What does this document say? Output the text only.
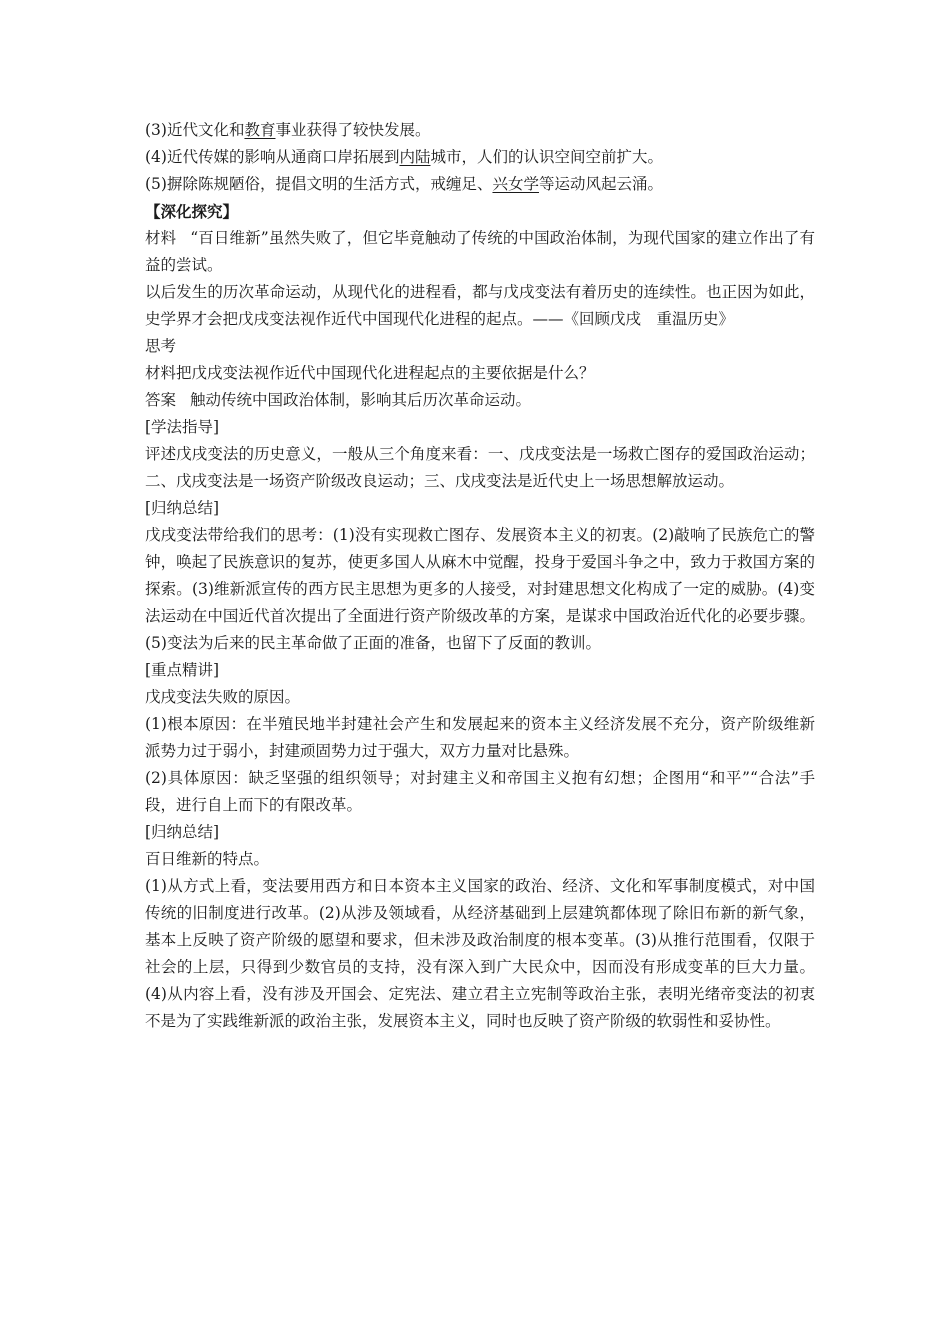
(3)近代文化和教育事业获得了较快发展。

(4)近代传媒的影响从通商口岸拓展到内陆城市，人们的认识空间空前扩大。

(5)摒除陈规陋俗，提倡文明的生活方式，戒缠足、兴女学等运动风起云涌。

【深化探究】

材料 “百日维新”虽然失败了，但它毕竟触动了传统的中国政治体制，为现代国家的建立作出了有益的尝试。

以后发生的历次革命运动，从现代化的进程看，都与戊戌变法有着历史的连续性。也正因为如此，史学界才会把戊戌变法视作近代中国现代化进程的起点。——《回顾戊戌　重温历史》

思考

材料把戊戌变法视作近代中国现代化进程起点的主要依据是什么？

答案 触动传统中国政治体制，影响其后历次革命运动。

[学法指导]

评述戊戌变法的历史意义，一般从三个角度来看：一、戊戌变法是一场救亡图存的爱国政治运动；二、戊戌变法是一场资产阶级改良运动；三、戊戌变法是近代史上一场思想解放运动。

[归纳总结]

戊戌变法带给我们的思考：(1)没有实现救亡图存、发展资本主义的初衷。(2)敲响了民族危亡的警钟，唤起了民族意识的复苏，使更多国人从麻木中觉醒，投身于爱国斗争之中，致力于救国方案的探索。(3)维新派宣传的西方民主思想为更多的人接受，对封建思想文化构成了一定的威胁。(4)变法运动在中国近代首次提出了全面进行资产阶级改革的方案，是谋求中国政治近代化的必要步骤。(5)变法为后来的民主革命做了正面的准备，也留下了反面的教训。

[重点精讲]

戊戌变法失败的原因。

(1)根本原因：在半殖民地半封建社会产生和发展起来的资本主义经济发展不充分，资产阶级维新派势力过于弱小，封建顽固势力过于强大，双方力量对比悬殊。

(2)具体原因：缺乏坚强的组织领导；对封建主义和帝国主义抱有幻想；企图用“和平”“合法”手段，进行自上而下的有限改革。

[归纳总结]

百日维新的特点。

(1)从方式上看，变法要用西方和日本资本主义国家的政治、经济、文化和军事制度模式，对中国传统的旧制度进行改革。(2)从涉及领域看，从经济基础到上层建筑都体现了除旧布新的新气象，基本上反映了资产阶级的愿望和要求，但未涉及政治制度的根本变革。(3)从推行范围看，仅限于社会的上层，只得到少数官员的支持，没有深入到广大民众中，因而没有形成变革的巨大力量。(4)从内容上看，没有涉及开国会、定宪法、建立君主立宪制等政治主张，表明光绪帝变法的初衷不是为了实践维新派的政治主张，发展资本主义，同时也反映了资产阶级的软弱性和妥协性。
